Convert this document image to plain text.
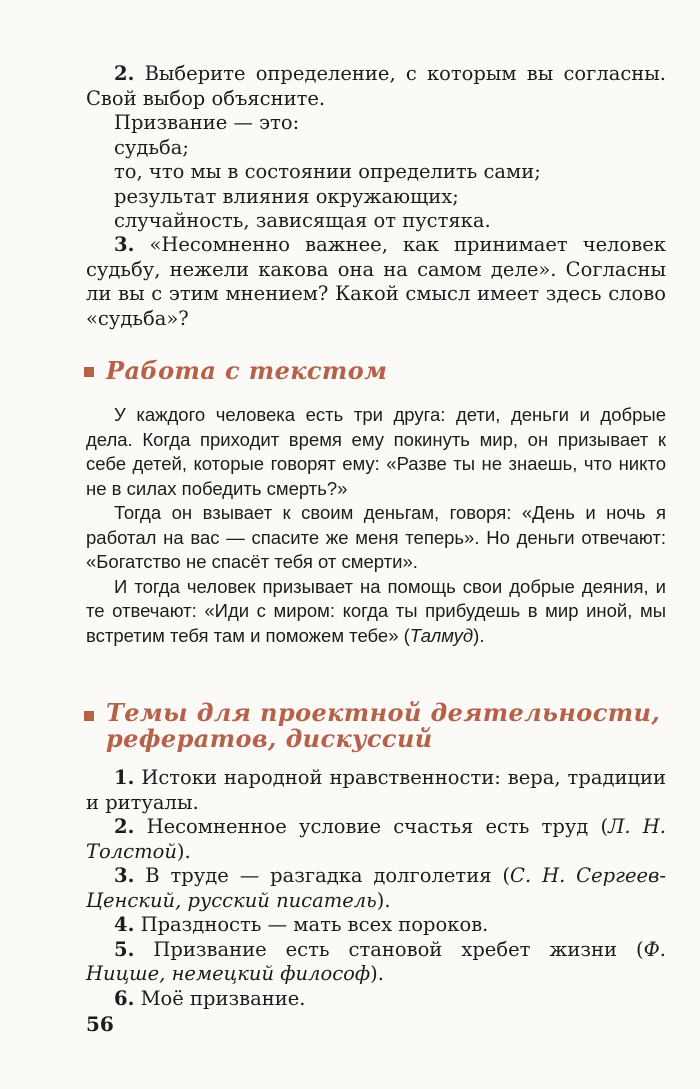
2. Выберите определение, с которым вы согласны. Свой выбор объясните.

Призвание — это:

судьба;

то, что мы в состоянии определить сами;

результат влияния окружающих;

случайность, зависящая от пустяка.

3. «Несомненно важнее, как принимает человек судьбу, нежели какова она на самом деле». Согласны ли вы с этим мнением? Какой смысл имеет здесь слово «судьба»?

Работа с текстом

У каждого человека есть три друга: дети, деньги и добрые дела. Когда приходит время ему покинуть мир, он призывает к себе детей, которые говорят ему: «Разве ты не знаешь, что никто не в силах победить смерть?»

Тогда он взывает к своим деньгам, говоря: «День и ночь я работал на вас — спасите же меня теперь». Но деньги отвечают: «Богатство не спасёт тебя от смерти».

И тогда человек призывает на помощь свои добрые деяния, и те отвечают: «Иди с миром: когда ты прибудешь в мир иной, мы встретим тебя там и поможем тебе» (Талмуд).

Темы для проектной деятельности,
рефератов, дискуссий

1. Истоки народной нравственности: вера, традиции и ритуалы.

2. Несомненное условие счастья есть труд (Л. Н. Толстой).

3. В труде — разгадка долголетия (С. Н. Сергеев-Ценский, русский писатель).

4. Праздность — мать всех пороков.

5. Призвание есть становой хребет жизни (Ф. Ницше, немецкий философ).

6. Моё призвание.

56
